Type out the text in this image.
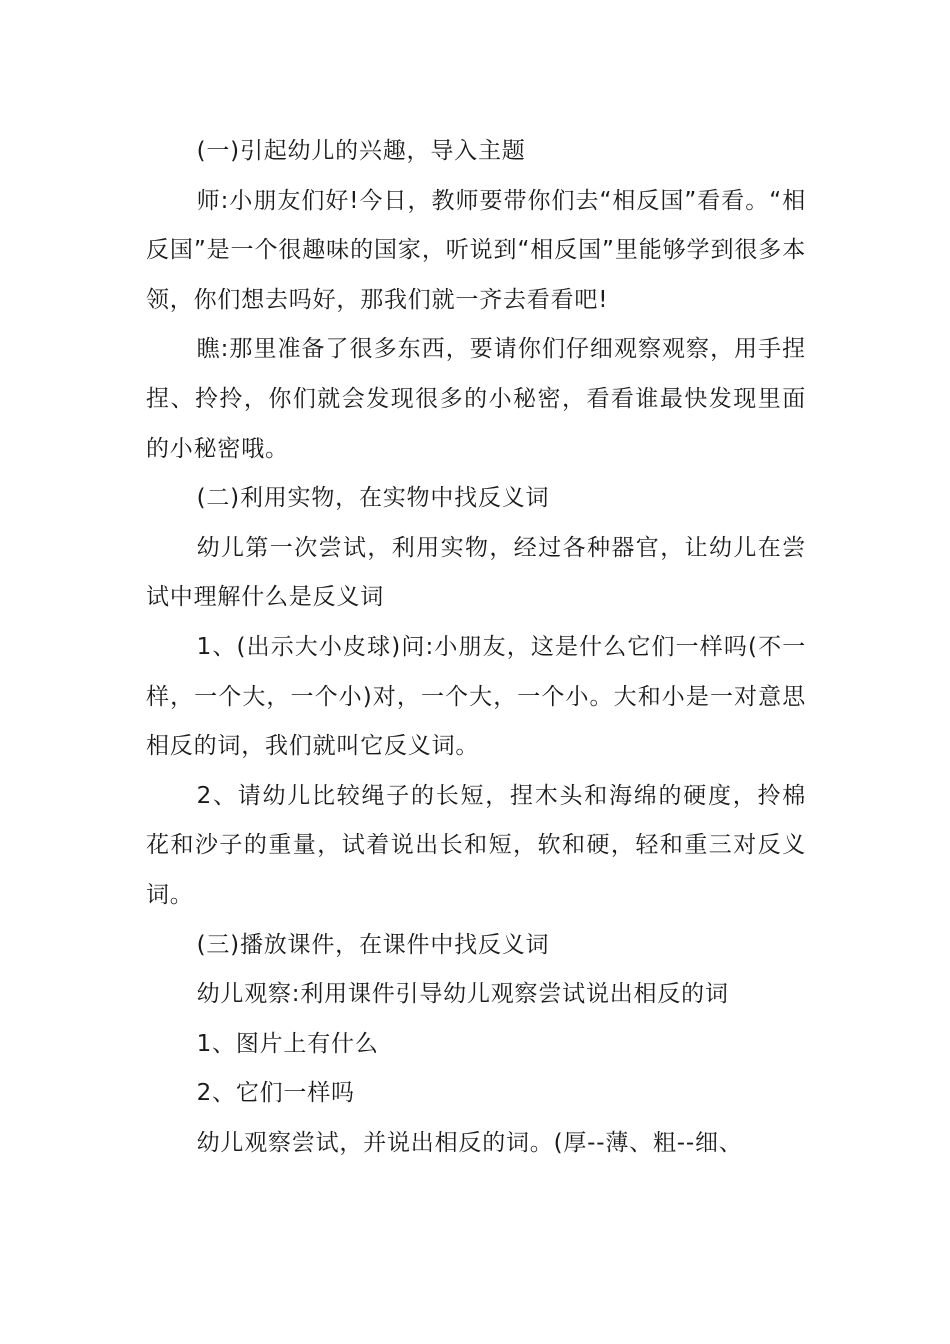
(一)引起幼儿的兴趣，导入主题

师:小朋友们好!今日，教师要带你们去“相反国”看看。“相反国”是一个很趣味的国家，听说到“相反国”里能够学到很多本领，你们想去吗好，那我们就一齐去看看吧!

瞧:那里准备了很多东西，要请你们仔细观察观察，用手捏捏、拎拎，你们就会发现很多的小秘密，看看谁最快发现里面的小秘密哦。

(二)利用实物，在实物中找反义词

幼儿第一次尝试，利用实物，经过各种器官，让幼儿在尝试中理解什么是反义词

1、(出示大小皮球)问:小朋友，这是什么它们一样吗(不一样，一个大，一个小)对，一个大，一个小。大和小是一对意思相反的词，我们就叫它反义词。

2、请幼儿比较绳子的长短，捏木头和海绵的硬度，拎棉花和沙子的重量，试着说出长和短，软和硬，轻和重三对反义词。

(三)播放课件，在课件中找反义词

幼儿观察:利用课件引导幼儿观察尝试说出相反的词

1、图片上有什么

2、它们一样吗

幼儿观察尝试，并说出相反的词。(厚--薄、粗--细、
